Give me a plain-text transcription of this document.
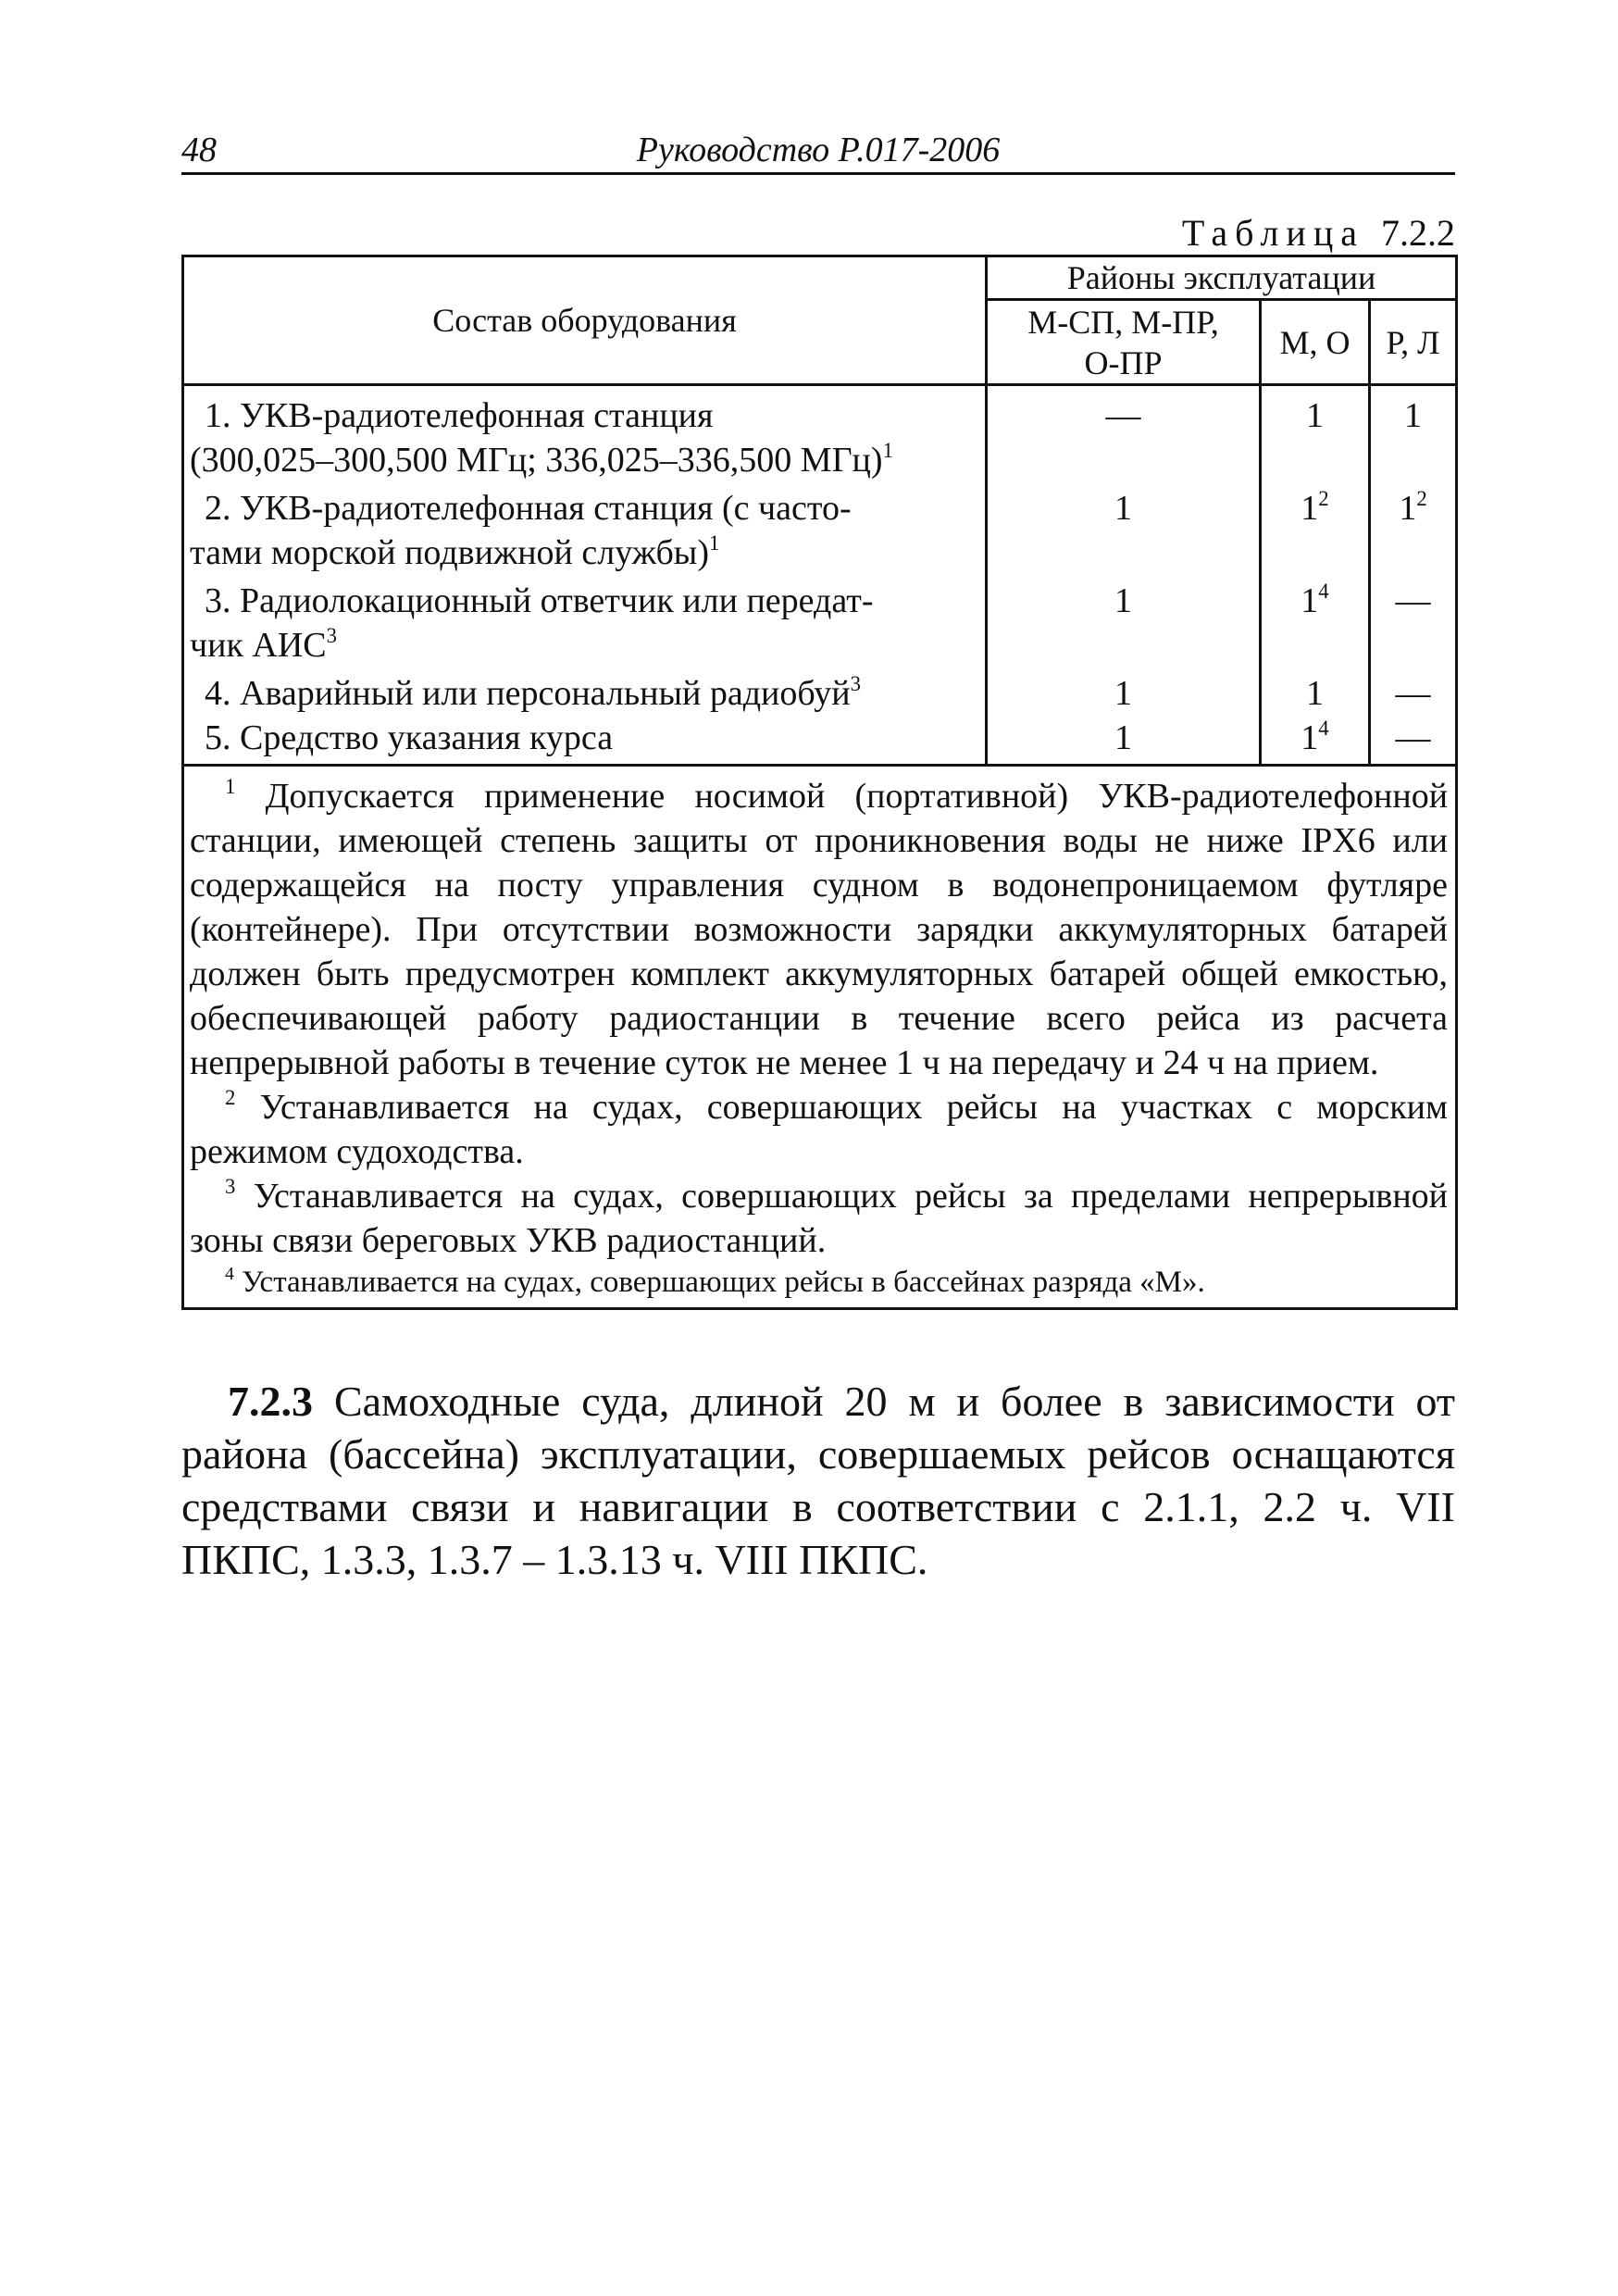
48	Руководство Р.017-2006
Таблица 7.2.2
Состав оборудования	Районы эксплуатации		
	М-СП, М-ПР, О-ПР	М, О	Р, Л

1. УКВ-радиотелефонная станция
(300,025–300,500 МГц; 336,025–336,500 МГц)$^1$	—	1	1

2. УКВ-радиотелефонная станция (с часто-
тами морской подвижной службы)$^1$	1	$1^2$	$1^2$

3. Радиолокационный ответчик или передат-
чик АИС$^3$	1	$1^4$	—

4. Аварийный или персональный радиобуй$^3$	1	1	—

5. Средство указания курса	1	$1^4$	—

$^1$ Допускается применение носимой (портативной) УКВ-радиотелефонной станции, имеющей степень защиты от проникновения воды не ниже IPX6 или содержащейся на посту управления судном в водонепроницаемом футляре (контейнере). При отсутствии возможности зарядки аккумуляторных батарей должен быть предусмотрен комплект аккумуляторных батарей общей емкостью, обеспечивающей работу радиостанции в течение всего рейса из расчета непрерывной работы в течение суток не менее 1 ч на передачу и 24 ч на прием.

$^2$ Устанавливается на судах, совершающих рейсы на участках с морским режимом судоходства.

$^3$ Устанавливается на судах, совершающих рейсы за пределами непрерывной зоны связи береговых УКВ радиостанций.

$^4$ Устанавливается на судах, совершающих рейсы в бассейнах разряда «М».			

7.2.3 Самоходные суда, длиной 20 м и более в зависимости от района (бассейна) эксплуатации, совершаемых рейсов оснащаются средствами связи и навигации в соответствии с 2.1.1, 2.2 ч. VII ПКПС, 1.3.3, 1.3.7 – 1.3.13 ч. VIII ПКПС.
